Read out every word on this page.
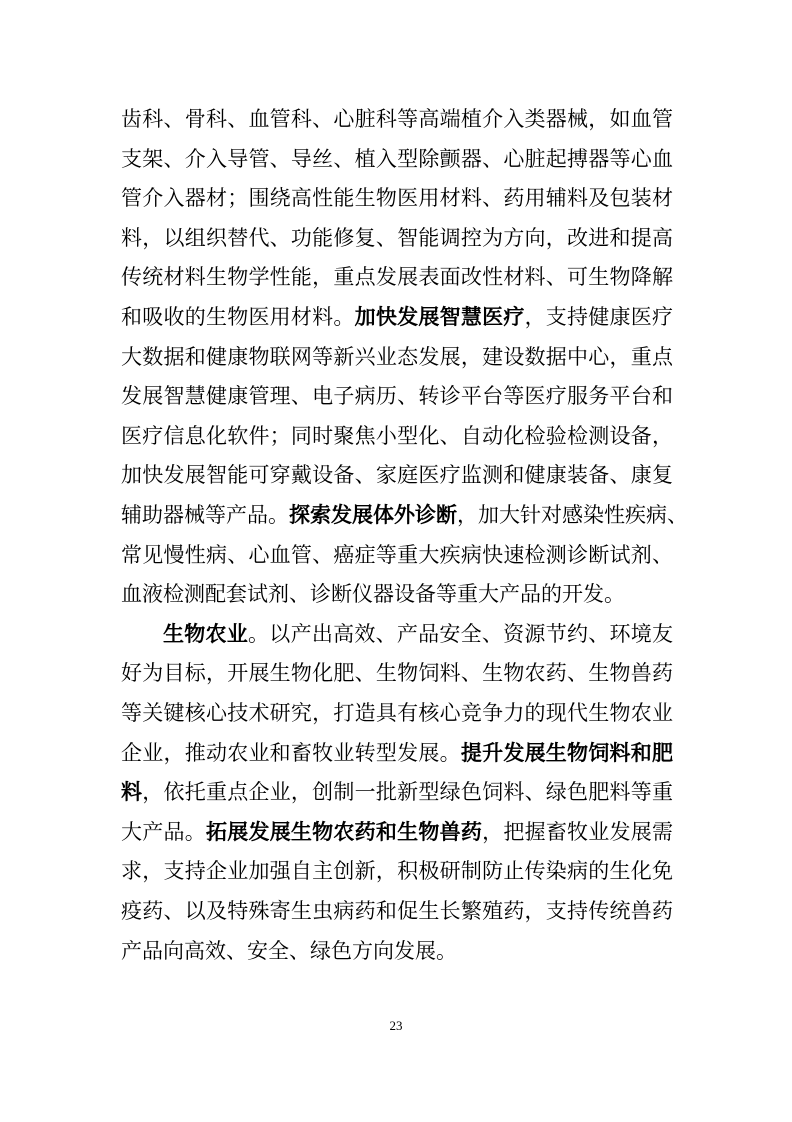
齿科、骨科、血管科、心脏科等高端植介入类器械，如血管
支架、介入导管、导丝、植入型除颤器、心脏起搏器等心血
管介入器材；围绕高性能生物医用材料、药用辅料及包装材
料，以组织替代、功能修复、智能调控为方向，改进和提高
传统材料生物学性能，重点发展表面改性材料、可生物降解
和吸收的生物医用材料。加快发展智慧医疗，支持健康医疗
大数据和健康物联网等新兴业态发展，建设数据中心，重点
发展智慧健康管理、电子病历、转诊平台等医疗服务平台和
医疗信息化软件；同时聚焦小型化、自动化检验检测设备，
加快发展智能可穿戴设备、家庭医疗监测和健康装备、康复
辅助器械等产品。探索发展体外诊断，加大针对感染性疾病、
常见慢性病、心血管、癌症等重大疾病快速检测诊断试剂、
血液检测配套试剂、诊断仪器设备等重大产品的开发。
生物农业。以产出高效、产品安全、资源节约、环境友
好为目标，开展生物化肥、生物饲料、生物农药、生物兽药
等关键核心技术研究，打造具有核心竞争力的现代生物农业
企业，推动农业和畜牧业转型发展。提升发展生物饲料和肥
料，依托重点企业，创制一批新型绿色饲料、绿色肥料等重
大产品。拓展发展生物农药和生物兽药，把握畜牧业发展需
求，支持企业加强自主创新，积极研制防止传染病的生化免
疫药、以及特殊寄生虫病药和促生长繁殖药，支持传统兽药
产品向高效、安全、绿色方向发展。
23
